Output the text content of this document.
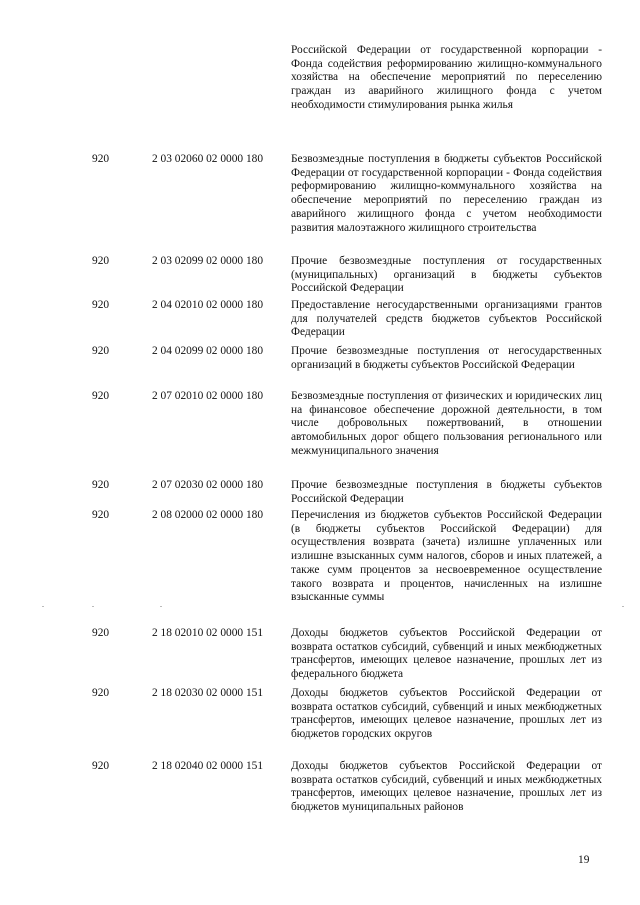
Российской Федерации от государственной корпорации - Фонда содействия реформированию жилищно-коммунального хозяйства на обеспечение мероприятий по переселению граждан из аварийного жилищного фонда с учетом необходимости стимулирования рынка жилья
920	2 03 02060 02 0000 180 Безвозмездные поступления в бюджеты субъектов Российской Федерации от государственной корпорации - Фонда содействия реформированию жилищно-коммунального хозяйства на обеспечение мероприятий по переселению граждан из аварийного жилищного фонда с учетом необходимости развития малоэтажного жилищного строительства
920	2 03 02099 02 0000 180 Прочие безвозмездные поступления от государственных (муниципальных) организаций в бюджеты субъектов Российской Федерации
920	2 04 02010 02 0000 180 Предоставление негосударственными организациями грантов для получателей средств бюджетов субъектов Российской Федерации
920	2 04 02099 02 0000 180 Прочие безвозмездные поступления от негосударственных организаций в бюджеты субъектов Российской Федерации
920	2 07 02010 02 0000 180 Безвозмездные поступления от физических и юридических лиц на финансовое обеспечение дорожной деятельности, в том числе добровольных пожертвований, в отношении автомобильных дорог общего пользования регионального или межмуниципального значения
920	2 07 02030 02 0000 180 Прочие безвозмездные поступления в бюджеты субъектов Российской Федерации
920	2 08 02000 02 0000 180 Перечисления из бюджетов субъектов Российской Федерации (в бюджеты субъектов Российской Федерации) для осуществления возврата (зачета) излишне уплаченных или излишне взысканных сумм налогов, сборов и иных платежей, а также сумм процентов за несвоевременное осуществление такого возврата и процентов, начисленных на излишне взысканные суммы
920	2 18 02010 02 0000 151 Доходы бюджетов субъектов Российской Федерации от возврата остатков субсидий, субвенций и иных межбюджетных трансфертов, имеющих целевое назначение, прошлых лет из федерального бюджета
920	2 18 02030 02 0000 151 Доходы бюджетов субъектов Российской Федерации от возврата остатков субсидий, субвенций и иных межбюджетных трансфертов, имеющих целевое назначение, прошлых лет из бюджетов городских округов
920	2 18 02040 02 0000 151 Доходы бюджетов субъектов Российской Федерации от возврата остатков субсидий, субвенций и иных межбюджетных трансфертов, имеющих целевое назначение, прошлых лет из бюджетов муниципальных районов
19
